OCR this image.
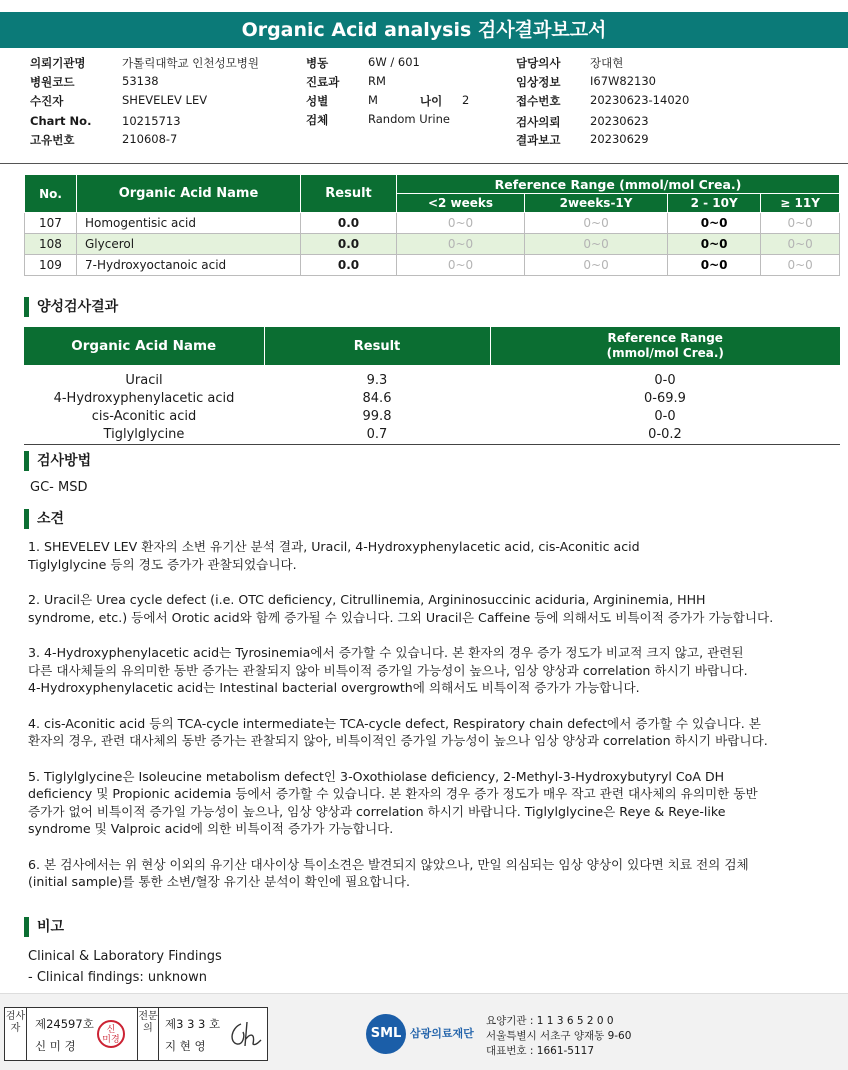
Organic Acid analysis 검사결과보고서
의뢰기관명	가톨릭대학교 인천성모병원	병동	6W / 601	담당의사	장대현
병원코드	53138	진료과 RM	임상정보	I67W82130
수진자	SHEVELEV LEV	성별	M	나이 2	접수번호	20230623-14020
Chart No.	10215713	검체	Random Urine	검사의뢰	20230623
고유번호	210608-7	결과보고	20230629
No.	Organic Acid Name	Result	Reference Range (mmol/mol Crea.)			
			<2 weeks	2weeks-1Y	2 - 10Y	≥ 11Y
107	Homogentisic acid	0.0	0~0	0~0	0~0	0~0
108	Glycerol	0.0	0~0	0~0	0~0	0~0
109	7-Hydroxyoctanoic acid	0.0	0~0	0~0	0~0	0~0
양성검사결과
Organic Acid Name	Result	Reference Range
(mmol/mol Crea.)

Uracil	9.3	0-0
4-Hydroxyphenylacetic acid	84.6	0-69.9
cis-Aconitic acid	99.8	0-0
Tiglylglycine	0.7	0-0.2
검사방법
GC- MSD
소견

1. SHEVELEV LEV 환자의 소변 유기산 분석 결과, Uracil, 4-Hydroxyphenylacetic acid, cis-Aconitic acid
Tiglylglycine 등의 경도 증가가 관찰되었습니다.

2. Uracil은 Urea cycle defect (i.e. OTC deficiency, Citrullinemia, Argininosuccinic aciduria, Argininemia, HHH
syndrome, etc.) 등에서 Orotic acid와 함께 증가될 수 있습니다. 그외 Uracil은 Caffeine 등에 의해서도 비특이적 증가가 가능합니다.

3. 4-Hydroxyphenylacetic acid는 Tyrosinemia에서 증가할 수 있습니다. 본 환자의 경우 증가 정도가 비교적 크지 않고, 관련된
다른 대사체들의 유의미한 동반 증가는 관찰되지 않아 비특이적 증가일 가능성이 높으나, 임상 양상과 correlation 하시기 바랍니다.
4-Hydroxyphenylacetic acid는 Intestinal bacterial overgrowth에 의해서도 비특이적 증가가 가능합니다.

4. cis-Aconitic acid 등의 TCA-cycle intermediate는 TCA-cycle defect, Respiratory chain defect에서 증가할 수 있습니다. 본
환자의 경우, 관련 대사체의 동반 증가는 관찰되지 않아, 비특이적인 증가일 가능성이 높으나 임상 양상과 correlation 하시기 바랍니다.

5. Tiglylglycine은 Isoleucine metabolism defect인 3-Oxothiolase deficiency, 2-Methyl-3-Hydroxybutyryl CoA DH
deficiency 및 Propionic acidemia 등에서 증가할 수 있습니다. 본 환자의 경우 증가 정도가 매우 작고 관련 대사체의 유의미한 동반
증가가 없어 비특이적 증가일 가능성이 높으나, 임상 양상과 correlation 하시기 바랍니다. Tiglylglycine은 Reye & Reye-like
syndrome 및 Valproic acid에 의한 비특이적 증가가 가능합니다.

6. 본 검사에서는 위 현상 이외의 유기산 대사이상 특이소견은 발견되지 않았으나, 만일 의심되는 임상 양상이 있다면 치료 전의 검체
(initial sample)를 통한 소변/혈장 유기산 분석이 확인에 필요합니다.

비고
Clinical & Laboratory Findings
- Clinical findings: unknown
검사자	제24597호
신 미 경
신
미경
전문의	제3 3 3 호
지 현 영
SML 삼광의료재단
요양기관 : 1 1 3 6 5 2 0 0
서울특별시 서초구 양재동 9-60
대표번호 : 1661-5117
